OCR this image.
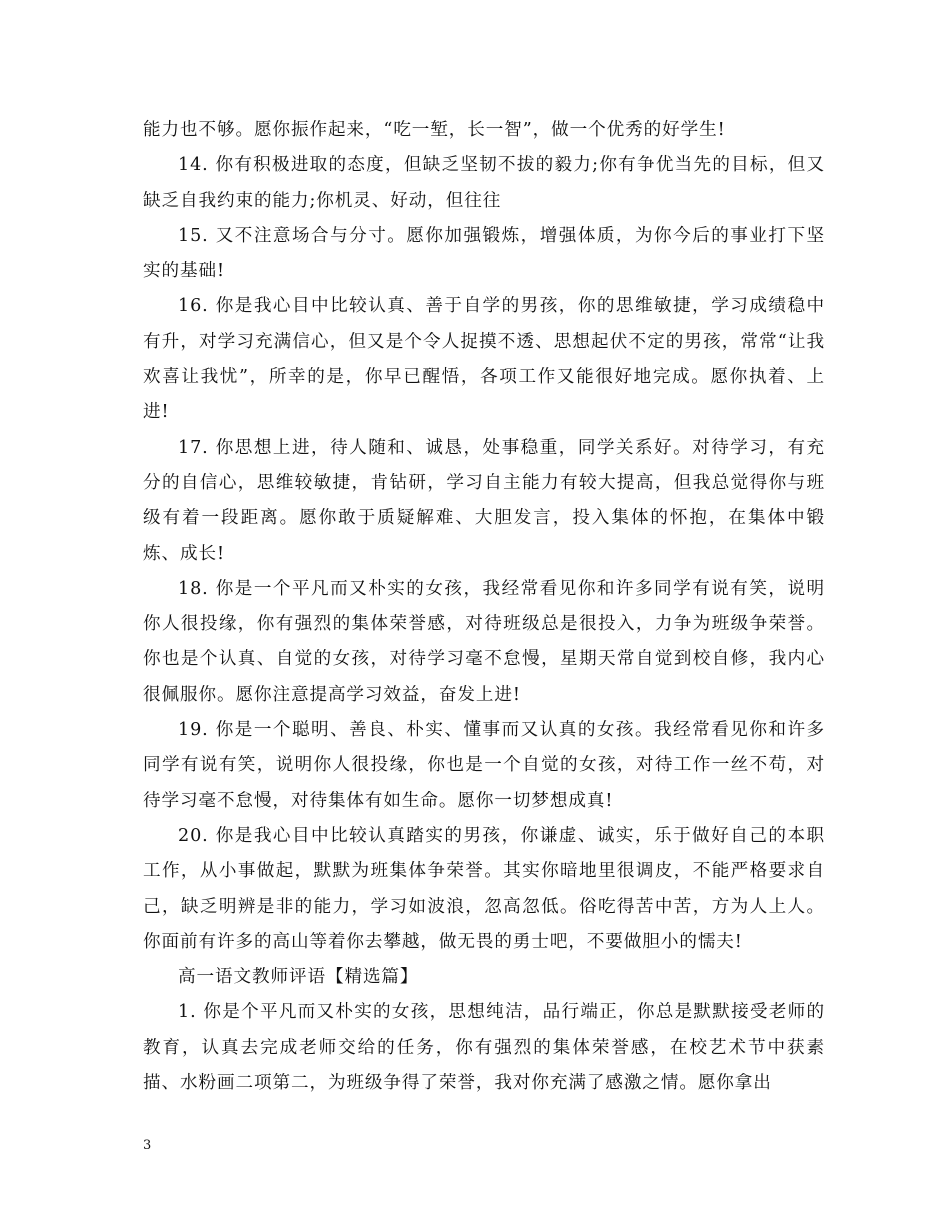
能力也不够。愿你振作起来，“吃一堑，长一智”，做一个优秀的好学生!

14. 你有积极进取的态度，但缺乏坚韧不拔的毅力;你有争优当先的目标，但又缺乏自我约束的能力;你机灵、好动，但往往

15. 又不注意场合与分寸。愿你加强锻炼，增强体质，为你今后的事业打下坚实的基础!

16. 你是我心目中比较认真、善于自学的男孩，你的思维敏捷，学习成绩稳中有升，对学习充满信心，但又是个令人捉摸不透、思想起伏不定的男孩，常常“让我欢喜让我忧”，所幸的是，你早已醒悟，各项工作又能很好地完成。愿你执着、上进!

17. 你思想上进，待人随和、诚恳，处事稳重，同学关系好。对待学习，有充分的自信心，思维较敏捷，肯钻研，学习自主能力有较大提高，但我总觉得你与班级有着一段距离。愿你敢于质疑解难、大胆发言，投入集体的怀抱，在集体中锻炼、成长!

18. 你是一个平凡而又朴实的女孩，我经常看见你和许多同学有说有笑，说明你人很投缘，你有强烈的集体荣誉感，对待班级总是很投入，力争为班级争荣誉。你也是个认真、自觉的女孩，对待学习毫不怠慢，星期天常自觉到校自修，我内心很佩服你。愿你注意提高学习效益，奋发上进!

19. 你是一个聪明、善良、朴实、懂事而又认真的女孩。我经常看见你和许多同学有说有笑，说明你人很投缘，你也是一个自觉的女孩，对待工作一丝不苟，对待学习毫不怠慢，对待集体有如生命。愿你一切梦想成真!

20. 你是我心目中比较认真踏实的男孩，你谦虚、诚实，乐于做好自己的本职工作，从小事做起，默默为班集体争荣誉。其实你暗地里很调皮，不能严格要求自己，缺乏明辨是非的能力，学习如波浪，忽高忽低。俗吃得苦中苦，方为人上人。你面前有许多的高山等着你去攀越，做无畏的勇士吧，不要做胆小的懦夫!

高一语文教师评语【精选篇】

1. 你是个平凡而又朴实的女孩，思想纯洁，品行端正，你总是默默接受老师的教育，认真去完成老师交给的任务，你有强烈的集体荣誉感，在校艺术节中获素描、水粉画二项第二，为班级争得了荣誉，我对你充满了感激之情。愿你拿出

3
